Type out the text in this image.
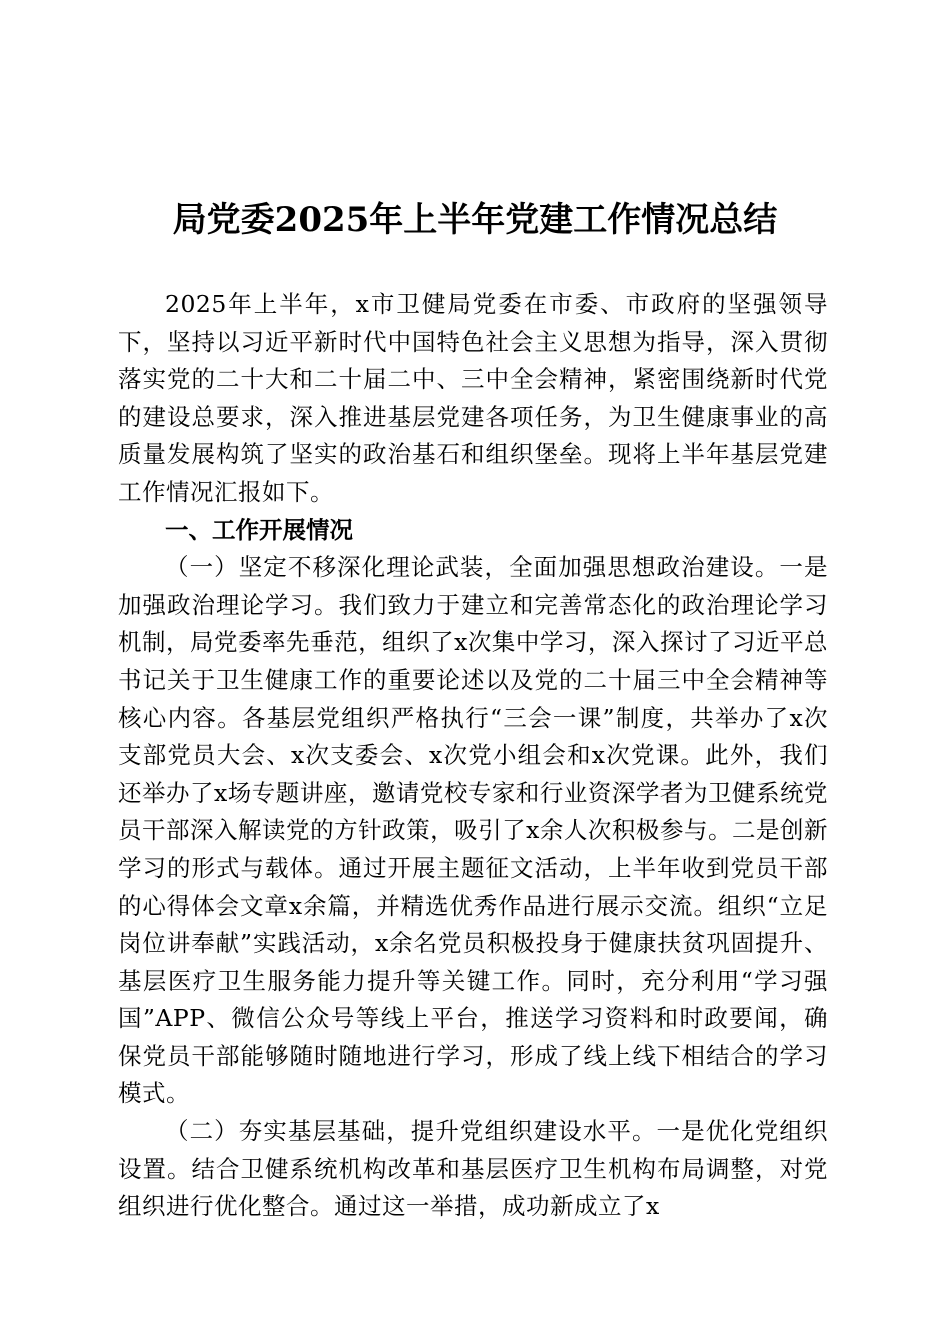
局党委2025年上半年党建工作情况总结

2025年上半年，x市卫健局党委在市委、市政府的坚强领导下，坚持以习近平新时代中国特色社会主义思想为指导，深入贯彻落实党的二十大和二十届二中、三中全会精神，紧密围绕新时代党的建设总要求，深入推进基层党建各项任务，为卫生健康事业的高质量发展构筑了坚实的政治基石和组织堡垒。现将上半年基层党建工作情况汇报如下。

一、工作开展情况

（一）坚定不移深化理论武装，全面加强思想政治建设。一是加强政治理论学习。我们致力于建立和完善常态化的政治理论学习机制，局党委率先垂范，组织了x次集中学习，深入探讨了习近平总书记关于卫生健康工作的重要论述以及党的二十届三中全会精神等核心内容。各基层党组织严格执行“三会一课”制度，共举办了x次支部党员大会、x次支委会、x次党小组会和x次党课。此外，我们还举办了x场专题讲座，邀请党校专家和行业资深学者为卫健系统党员干部深入解读党的方针政策，吸引了x余人次积极参与。二是创新学习的形式与载体。通过开展主题征文活动，上半年收到党员干部的心得体会文章x余篇，并精选优秀作品进行展示交流。组织“立足岗位讲奉献”实践活动，x余名党员积极投身于健康扶贫巩固提升、基层医疗卫生服务能力提升等关键工作。同时，充分利用“学习强国”APP、微信公众号等线上平台，推送学习资料和时政要闻，确保党员干部能够随时随地进行学习，形成了线上线下相结合的学习模式。

（二）夯实基层基础，提升党组织建设水平。一是优化党组织设置。结合卫健系统机构改革和基层医疗卫生机构布局调整，对党组织进行优化整合。通过这一举措，成功新成立了x
